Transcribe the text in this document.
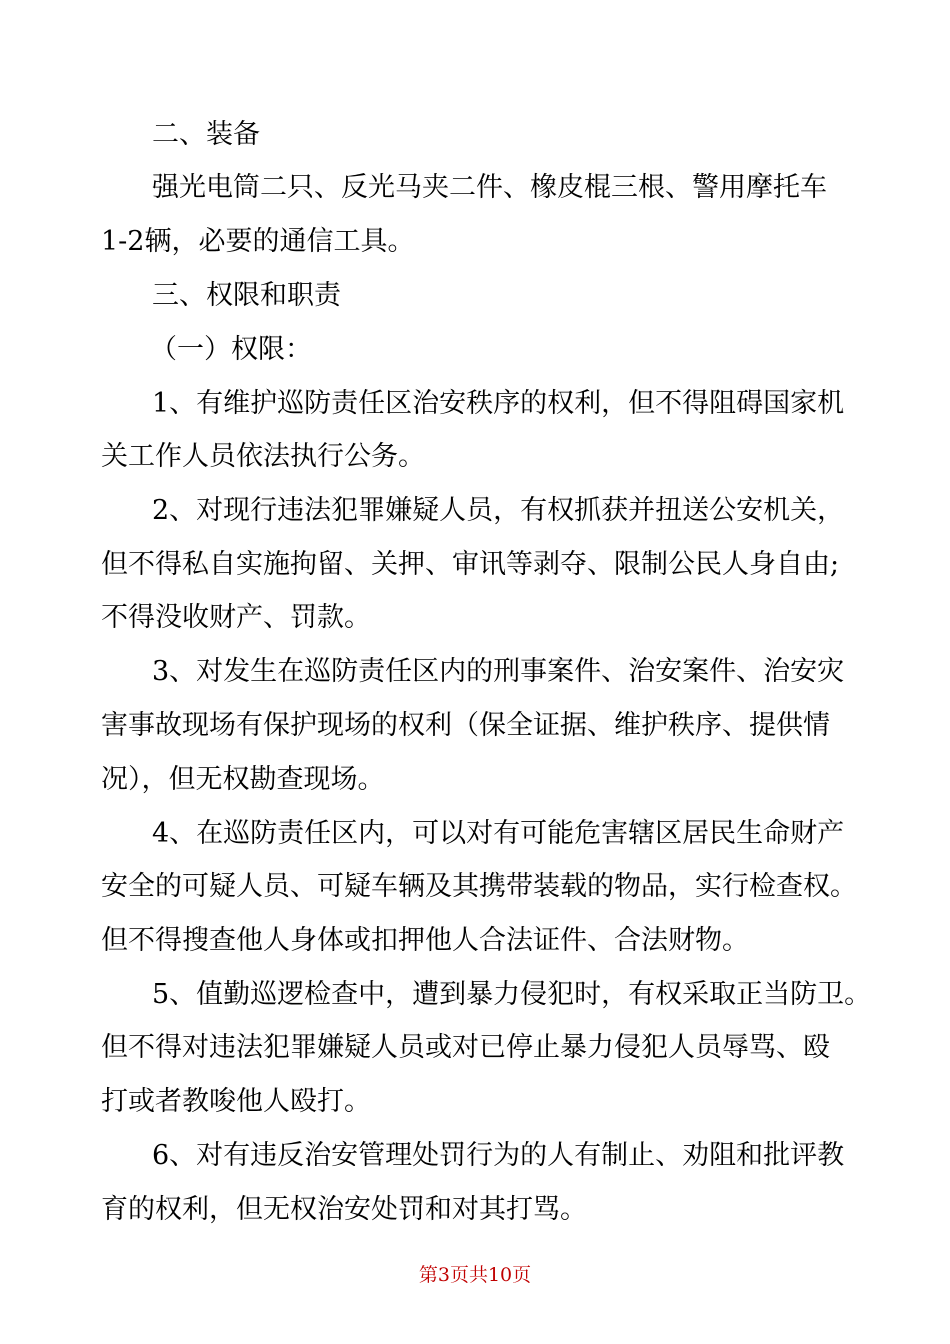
二、装备
强光电筒二只、反光马夹二件、橡皮棍三根、警用摩托车
1-2辆，必要的通信工具。
三、权限和职责
（一）权限：
1、有维护巡防责任区治安秩序的权利，但不得阻碍国家机
关工作人员依法执行公务。
2、对现行违法犯罪嫌疑人员，有权抓获并扭送公安机关，
但不得私自实施拘留、关押、审讯等剥夺、限制公民人身自由;
不得没收财产、罚款。
3、对发生在巡防责任区内的刑事案件、治安案件、治安灾
害事故现场有保护现场的权利（保全证据、维护秩序、提供情
况），但无权勘查现场。
4、在巡防责任区内，可以对有可能危害辖区居民生命财产
安全的可疑人员、可疑车辆及其携带装载的物品，实行检查权。
但不得搜查他人身体或扣押他人合法证件、合法财物。
5、值勤巡逻检查中，遭到暴力侵犯时，有权采取正当防卫。
但不得对违法犯罪嫌疑人员或对已停止暴力侵犯人员辱骂、殴
打或者教唆他人殴打。
6、对有违反治安管理处罚行为的人有制止、劝阻和批评教
育的权利，但无权治安处罚和对其打骂。
第3页共10页
